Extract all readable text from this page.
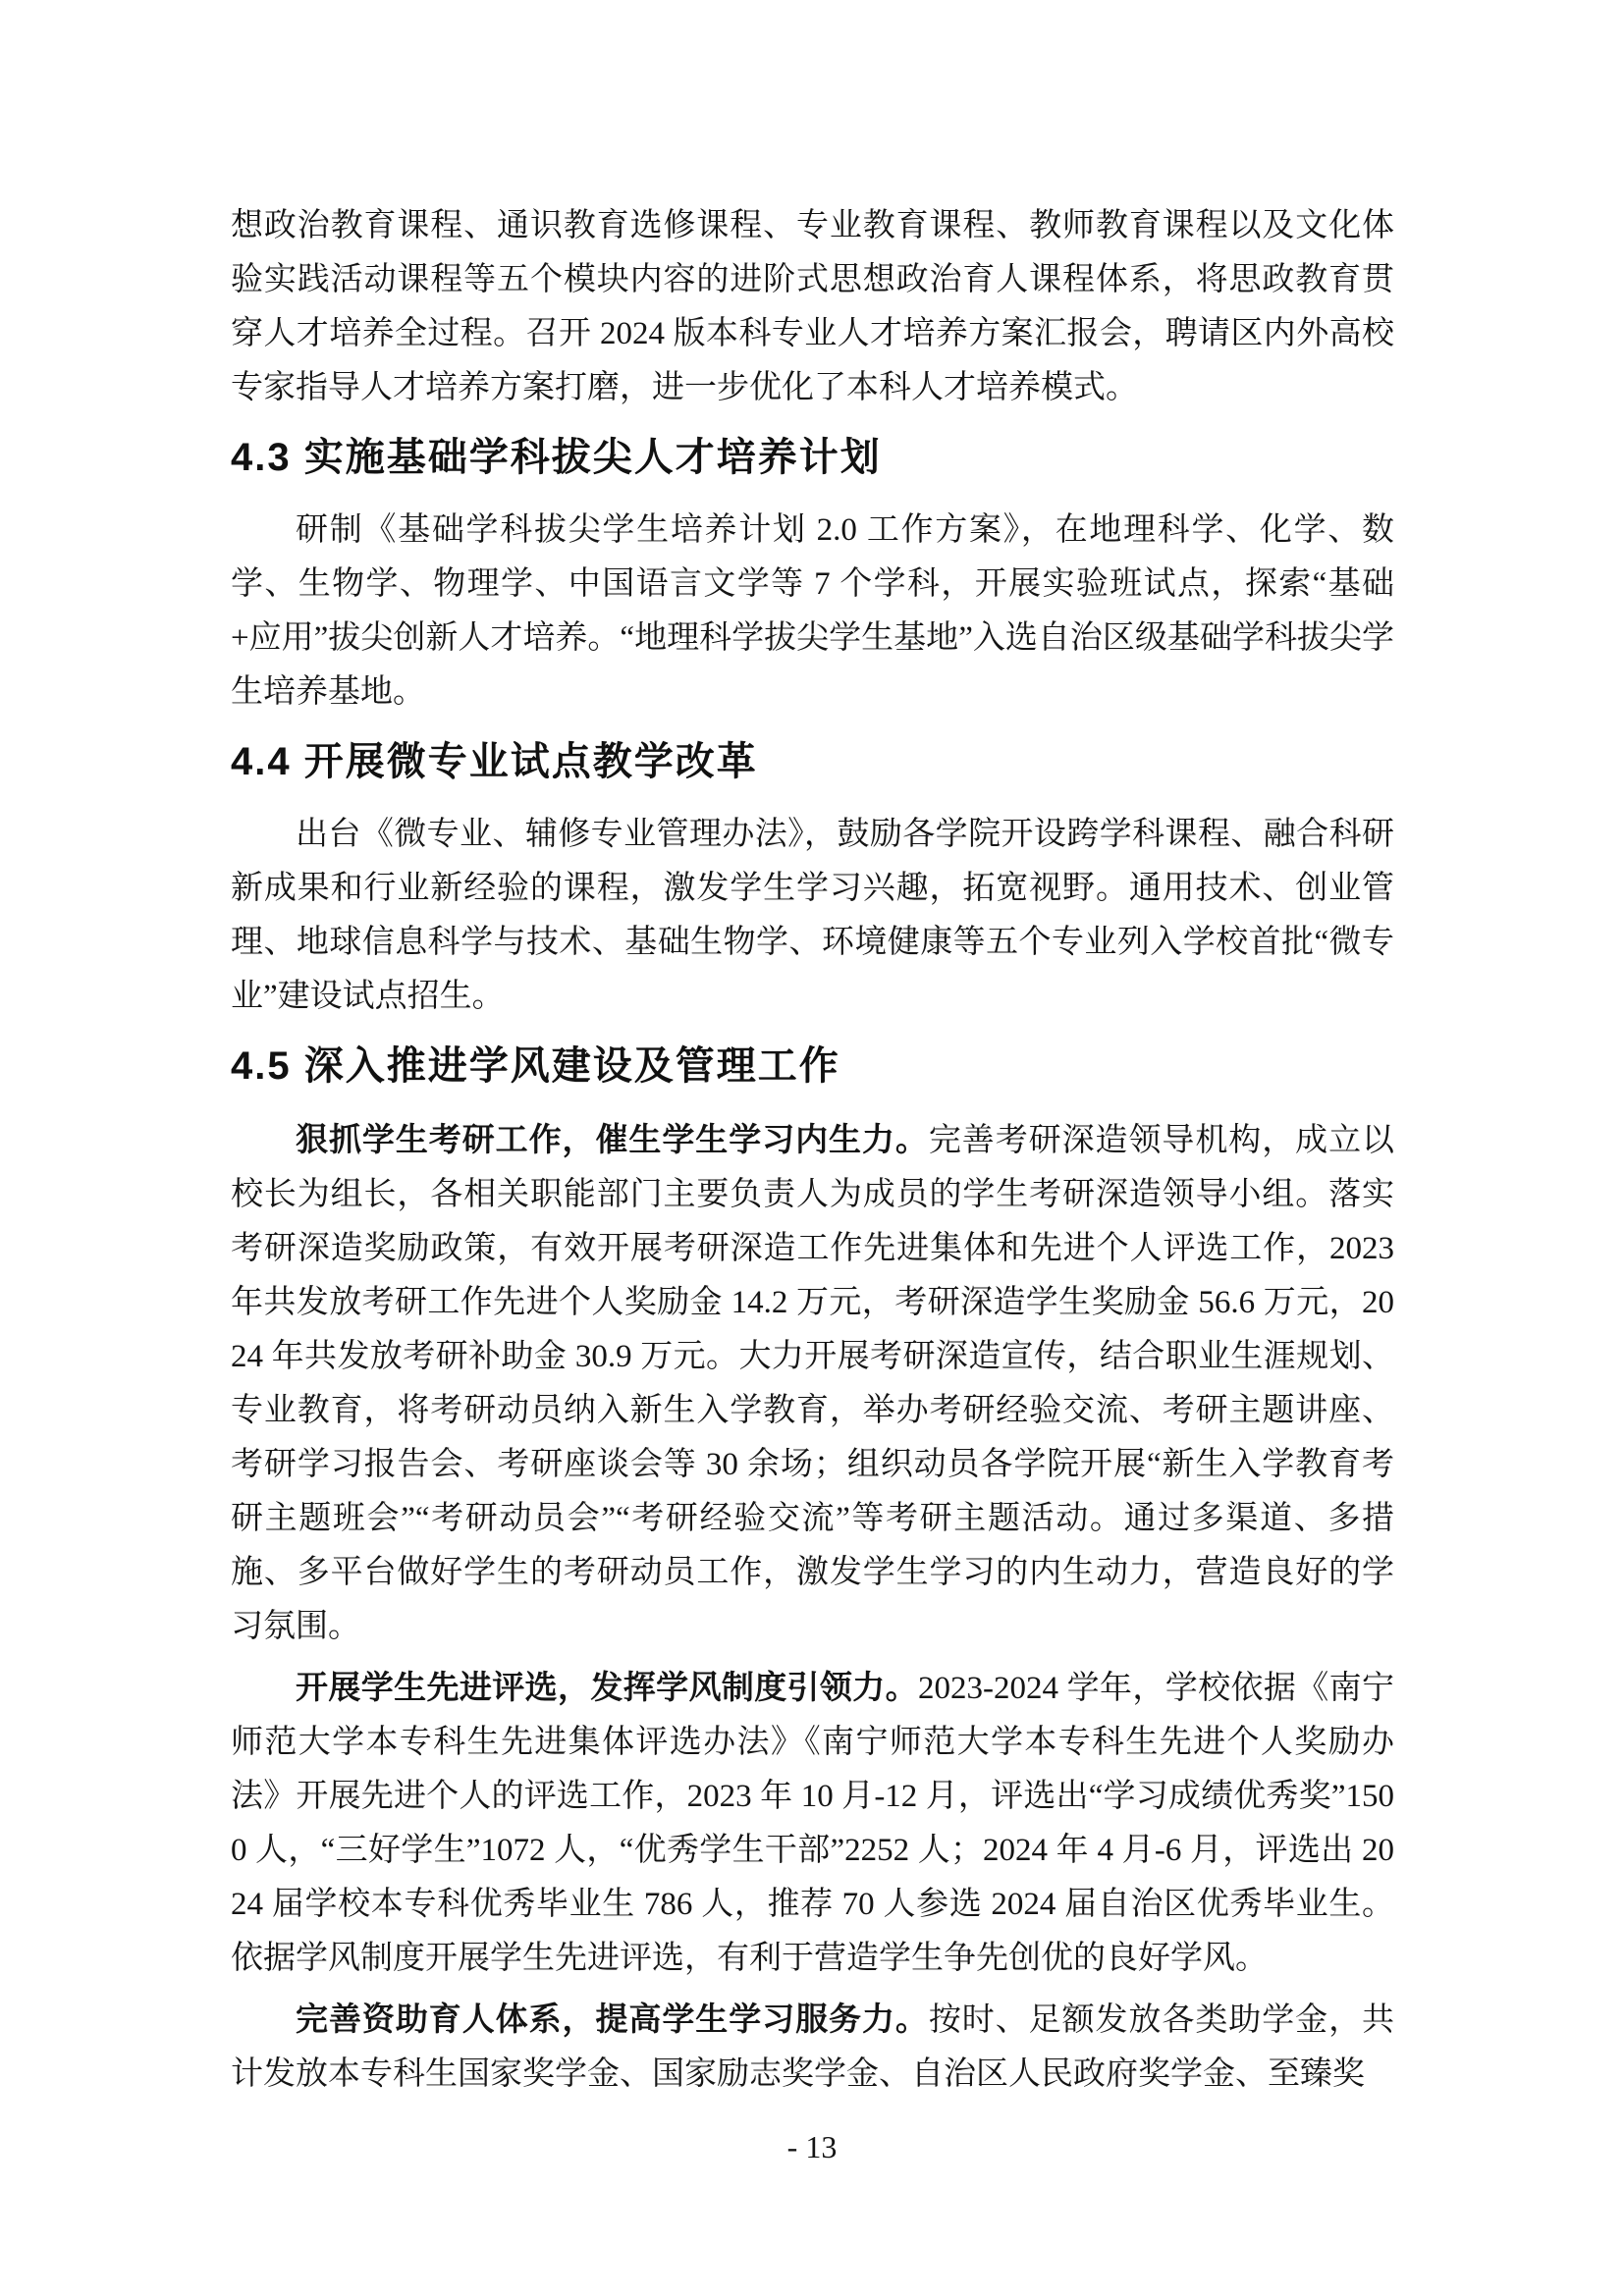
想政治教育课程、通识教育选修课程、专业教育课程、教师教育课程以及文化体验实践活动课程等五个模块内容的进阶式思想政治育人课程体系，将思政教育贯穿人才培养全过程。召开 2024 版本科专业人才培养方案汇报会，聘请区内外高校专家指导人才培养方案打磨，进一步优化了本科人才培养模式。

4.3 实施基础学科拔尖人才培养计划

研制《基础学科拔尖学生培养计划 2.0 工作方案》，在地理科学、化学、数学、生物学、物理学、中国语言文学等 7 个学科，开展实验班试点，探索“基础+应用”拔尖创新人才培养。“地理科学拔尖学生基地”入选自治区级基础学科拔尖学生培养基地。

4.4 开展微专业试点教学改革

出台《微专业、辅修专业管理办法》，鼓励各学院开设跨学科课程、融合科研新成果和行业新经验的课程，激发学生学习兴趣，拓宽视野。通用技术、创业管理、地球信息科学与技术、基础生物学、环境健康等五个专业列入学校首批“微专业”建设试点招生。

4.5 深入推进学风建设及管理工作

狠抓学生考研工作，催生学生学习内生力。完善考研深造领导机构，成立以校长为组长，各相关职能部门主要负责人为成员的学生考研深造领导小组。落实考研深造奖励政策，有效开展考研深造工作先进集体和先进个人评选工作，2023 年共发放考研工作先进个人奖励金 14.2 万元，考研深造学生奖励金 56.6 万元，2024 年共发放考研补助金 30.9 万元。大力开展考研深造宣传，结合职业生涯规划、专业教育，将考研动员纳入新生入学教育，举办考研经验交流、考研主题讲座、考研学习报告会、考研座谈会等 30 余场；组织动员各学院开展“新生入学教育考研主题班会”“考研动员会”“考研经验交流”等考研主题活动。通过多渠道、多措施、多平台做好学生的考研动员工作，激发学生学习的内生动力，营造良好的学习氛围。

开展学生先进评选，发挥学风制度引领力。2023-2024 学年，学校依据《南宁师范大学本专科生先进集体评选办法》《南宁师范大学本专科生先进个人奖励办法》开展先进个人的评选工作，2023 年 10 月-12 月，评选出“学习成绩优秀奖”1500 人，“三好学生”1072 人，“优秀学生干部”2252 人；2024 年 4 月-6 月，评选出 2024 届学校本专科优秀毕业生 786 人，推荐 70 人参选 2024 届自治区优秀毕业生。依据学风制度开展学生先进评选，有利于营造学生争先创优的良好学风。

完善资助育人体系，提高学生学习服务力。按时、足额发放各类助学金，共计发放本专科生国家奖学金、国家励志奖学金、自治区人民政府奖学金、至臻奖

- 13
